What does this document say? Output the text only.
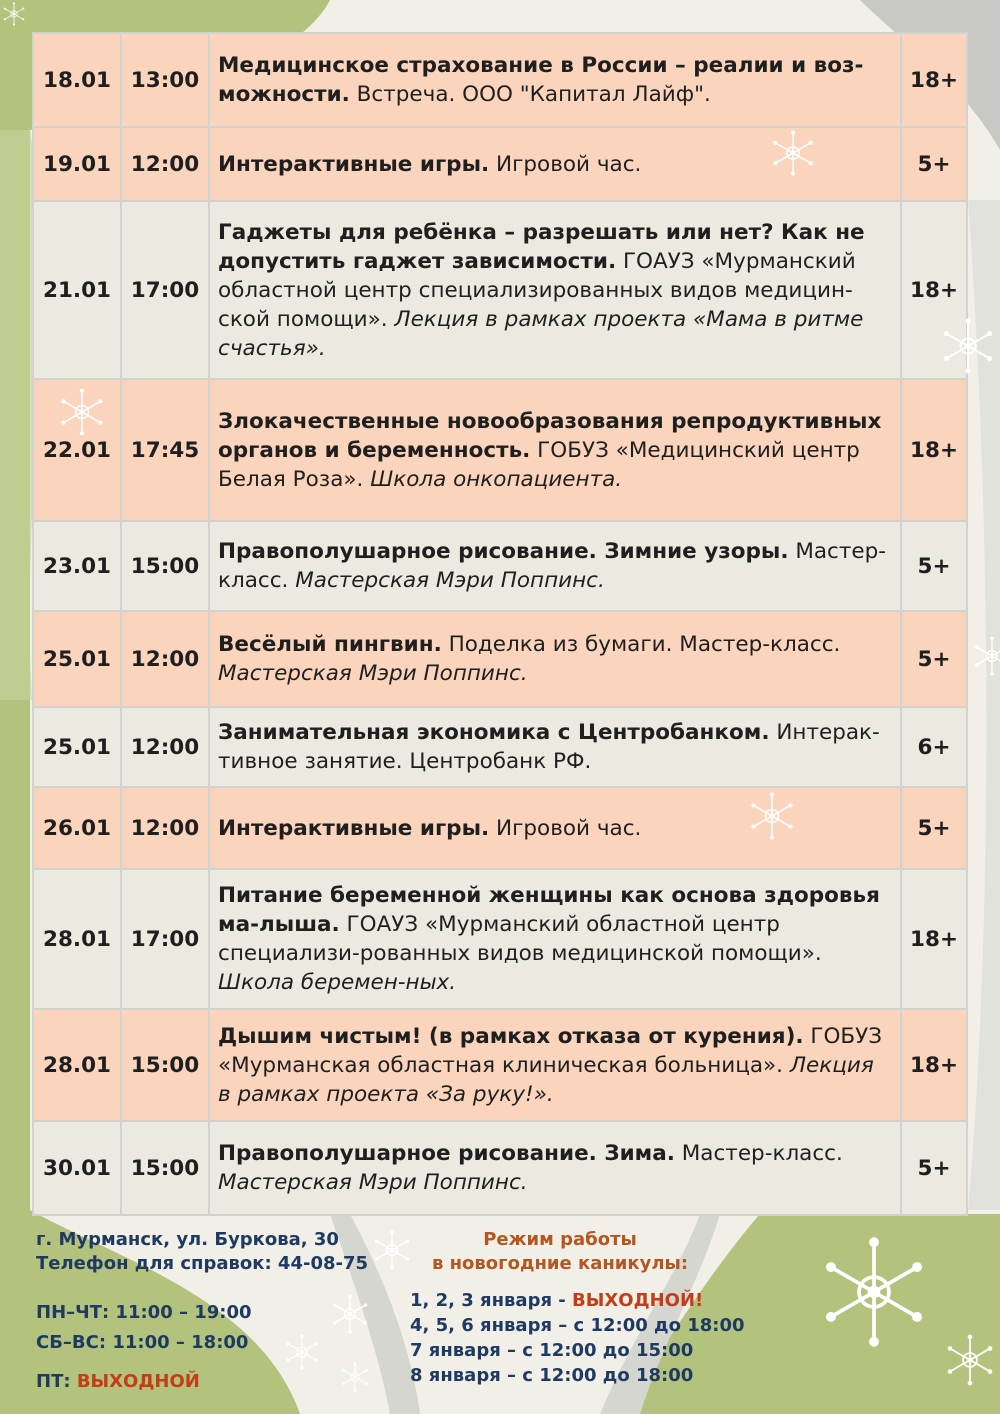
18.01	13:00	Медицинское страхование в России – реалии и воз-можности. Встреча. ООО "Капитал Лайф".	18+
19.01	12:00	Интерактивные игры. Игровой час.	5+
21.01	17:00	Гаджеты для ребёнка – разрешать или нет? Как не допустить гаджет зависимости. ГОАУЗ «Мурманский областной центр специализированных видов медицин-ской помощи». Лекция в рамках проекта «Мама в ритме счастья».	18+
22.01	17:45	Злокачественные новообразования репродуктивных органов и беременность. ГОБУЗ «Медицинский центр Белая Роза». Школа онкопациента.	18+
23.01	15:00	Правополушарное рисование. Зимние узоры. Мастер-класс. Мастерская Мэри Поппинс.	5+
25.01	12:00	Весёлый пингвин. Поделка из бумаги. Мастер-класс. Мастерская Мэри Поппинс.	5+
25.01	12:00	Занимательная экономика с Центробанком. Интерак-тивное занятие. Центробанк РФ.	6+
26.01	12:00	Интерактивные игры. Игровой час.	5+
28.01	17:00	Питание беременной женщины как основа здоровья ма-лыша. ГОАУЗ «Мурманский областной центр специализи-рованных видов медицинской помощи». Школа беремен-ных.	18+
28.01	15:00	Дышим чистым! (в рамках отказа от курения). ГОБУЗ «Мурманская областная клиническая больница». Лекция в рамках проекта «За руку!».	18+
30.01	15:00	Правополушарное рисование. Зима. Мастер-класс. Мастерская Мэри Поппинс.	5+
г. Мурманск, ул. Буркова, 30
Телефон для справок: 44-08-75
ПН–ЧТ: 11:00 – 19:00
СБ–ВС: 11:00 – 18:00
ПТ: ВЫХОДНОЙ
Режим работы
в новогодние каникулы:
1, 2, 3 января - ВЫХОДНОЙ!
4, 5, 6 января – с 12:00 до 18:00
7 января – с 12:00 до 15:00
8 января – с 12:00 до 18:00
